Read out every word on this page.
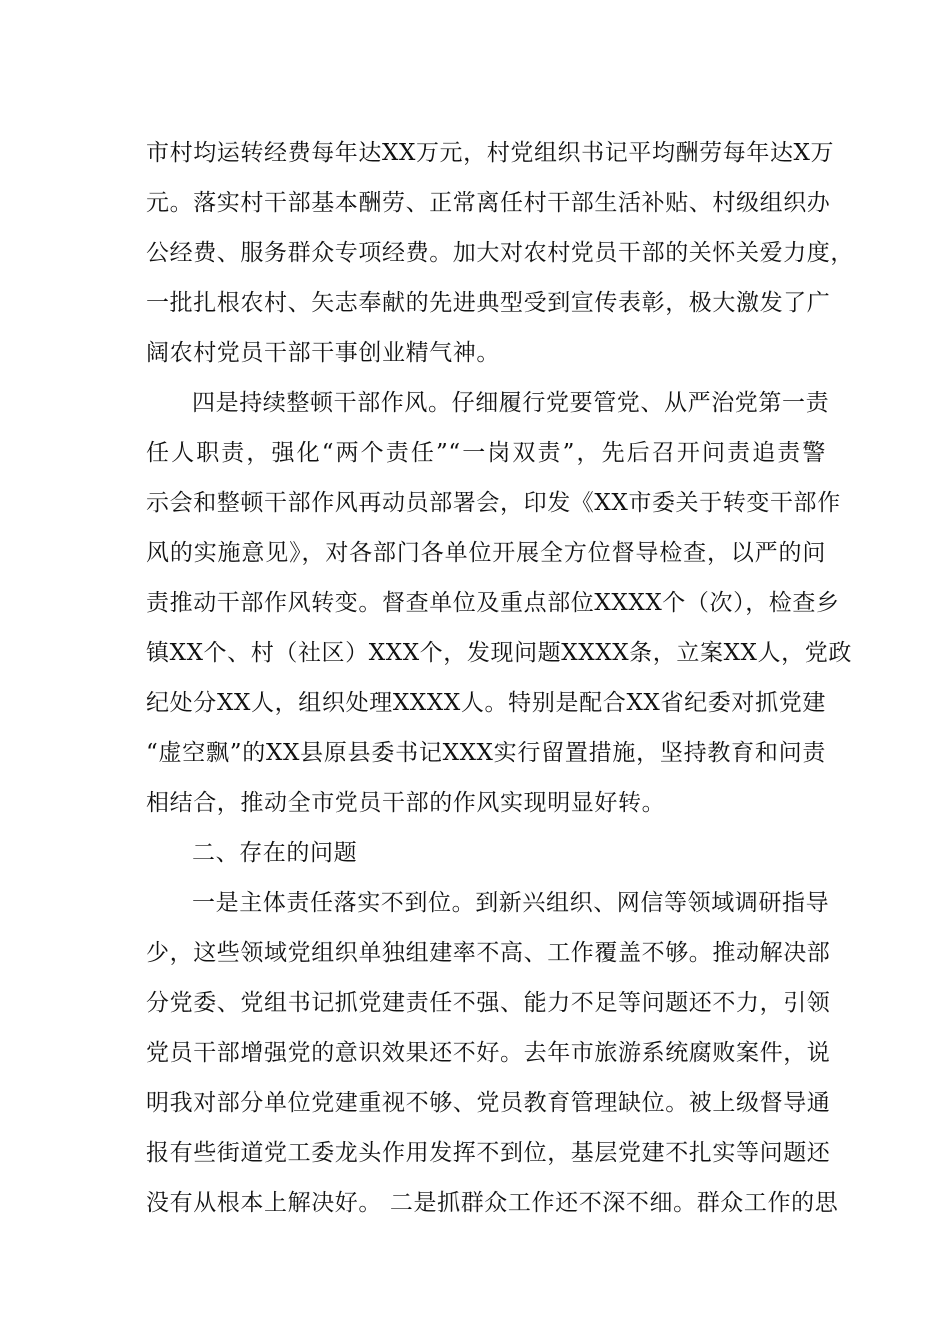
市村均运转经费每年达XX万元，村党组织书记平均酬劳每年达X万
元。落实村干部基本酬劳、正常离任村干部生活补贴、村级组织办
公经费、服务群众专项经费。加大对农村党员干部的关怀关爱力度，
一批扎根农村、矢志奉献的先进典型受到宣传表彰，极大激发了广
阔农村党员干部干事创业精气神。
四是持续整顿干部作风。仔细履行党要管党、从严治党第一责
任人职责，强化“两个责任”“一岗双责”，先后召开问责追责警
示会和整顿干部作风再动员部署会，印发《XX市委关于转变干部作
风的实施意见》，对各部门各单位开展全方位督导检查，以严的问
责推动干部作风转变。督查单位及重点部位XXXX个（次），检查乡
镇XX个、村（社区）XXX个，发现问题XXXX条，立案XX人，党政
纪处分XX人，组织处理XXXX人。特别是配合XX省纪委对抓党建
“虚空飘”的XX县原县委书记XXX实行留置措施，坚持教育和问责
相结合，推动全市党员干部的作风实现明显好转。
二、存在的问题
一是主体责任落实不到位。到新兴组织、网信等领域调研指导
少，这些领域党组织单独组建率不高、工作覆盖不够。推动解决部
分党委、党组书记抓党建责任不强、能力不足等问题还不力，引领
党员干部增强党的意识效果还不好。去年市旅游系统腐败案件，说
明我对部分单位党建重视不够、党员教育管理缺位。被上级督导通
报有些街道党工委龙头作用发挥不到位，基层党建不扎实等问题还
没有从根本上解决好。 二是抓群众工作还不深不细。群众工作的思
